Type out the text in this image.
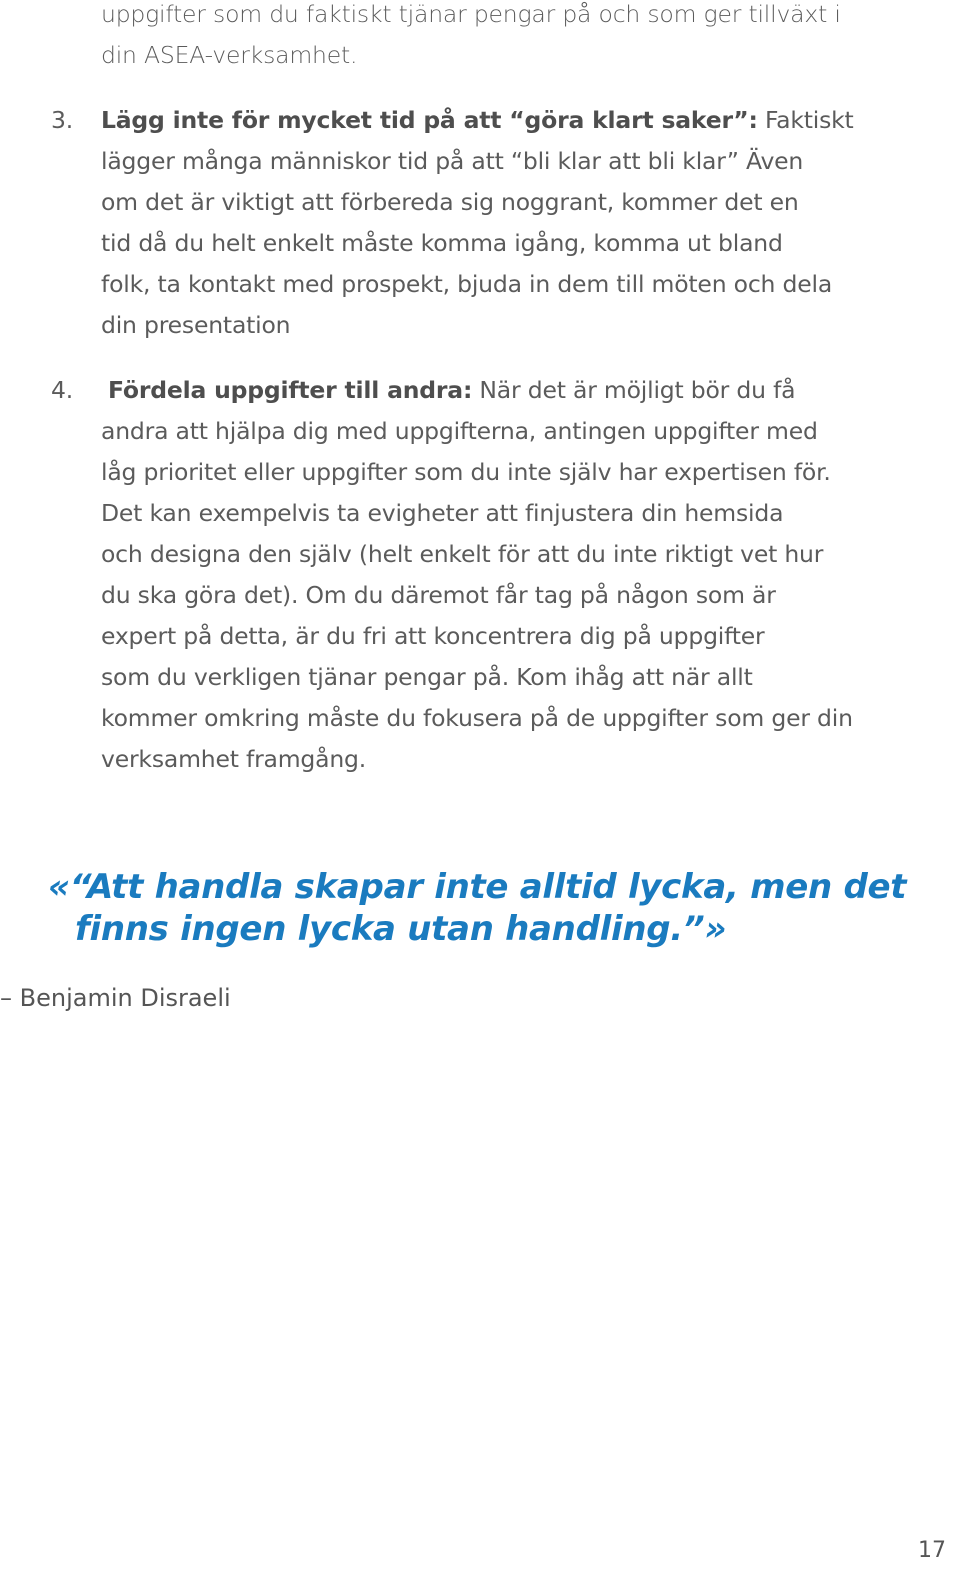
uppgifter som du faktiskt tjänar pengar på och som ger tillväxt i
din ASEA-verksamhet.
3. Lägg inte för mycket tid på att “göra klart saker”: Faktiskt
lägger många människor tid på att “bli klar att bli klar” Även
om det är viktigt att förbereda sig noggrant, kommer det en
tid då du helt enkelt måste komma igång, komma ut bland
folk, ta kontakt med prospekt, bjuda in dem till möten och dela
din presentation
4. Fördela uppgifter till andra: När det är möjligt bör du få
andra att hjälpa dig med uppgifterna, antingen uppgifter med
låg prioritet eller uppgifter som du inte själv har expertisen för.
Det kan exempelvis ta evigheter att finjustera din hemsida
och designa den själv (helt enkelt för att du inte riktigt vet hur
du ska göra det). Om du däremot får tag på någon som är
expert på detta, är du fri att koncentrera dig på uppgifter
som du verkligen tjänar pengar på. Kom ihåg att när allt
kommer omkring måste du fokusera på de uppgifter som ger din
verksamhet framgång.
«“Att handla skapar inte alltid lycka, men det
finns ingen lycka utan handling.”»
– Benjamin Disraeli
17
